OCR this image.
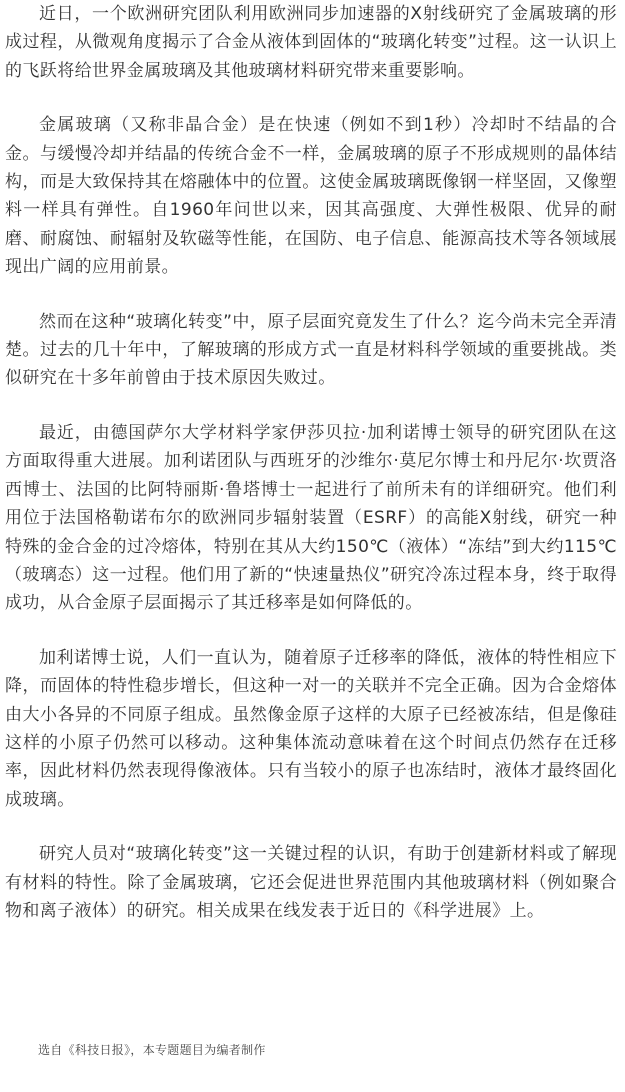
近日，一个欧洲研究团队利用欧洲同步加速器的X射线研究了金属玻璃的形成过程，从微观角度揭示了合金从液体到固体的“玻璃化转变”过程。这一认识上的飞跃将给世界金属玻璃及其他玻璃材料研究带来重要影响。

金属玻璃（又称非晶合金）是在快速（例如不到1秒）冷却时不结晶的合金。与缓慢冷却并结晶的传统合金不一样，金属玻璃的原子不形成规则的晶体结构，而是大致保持其在熔融体中的位置。这使金属玻璃既像钢一样坚固，又像塑料一样具有弹性。自1960年问世以来，因其高强度、大弹性极限、优异的耐磨、耐腐蚀、耐辐射及软磁等性能，在国防、电子信息、能源高技术等各领域展现出广阔的应用前景。

然而在这种“玻璃化转变”中，原子层面究竟发生了什么？迄今尚未完全弄清楚。过去的几十年中，了解玻璃的形成方式一直是材料科学领域的重要挑战。类似研究在十多年前曾由于技术原因失败过。

最近，由德国萨尔大学材料学家伊莎贝拉·加利诺博士领导的研究团队在这方面取得重大进展。加利诺团队与西班牙的沙维尔·莫尼尔博士和丹尼尔·坎贾洛西博士、法国的比阿特丽斯·鲁塔博士一起进行了前所未有的详细研究。他们利用位于法国格勒诺布尔的欧洲同步辐射装置（ESRF）的高能X射线，研究一种特殊的金合金的过冷熔体，特别在其从大约150℃（液体）“冻结”到大约115℃（玻璃态）这一过程。他们用了新的“快速量热仪”研究冷冻过程本身，终于取得成功，从合金原子层面揭示了其迁移率是如何降低的。

加利诺博士说，人们一直认为，随着原子迁移率的降低，液体的特性相应下降，而固体的特性稳步增长，但这种一对一的关联并不完全正确。因为合金熔体由大小各异的不同原子组成。虽然像金原子这样的大原子已经被冻结，但是像硅这样的小原子仍然可以移动。这种集体流动意味着在这个时间点仍然存在迁移率，因此材料仍然表现得像液体。只有当较小的原子也冻结时，液体才最终固化成玻璃。

研究人员对“玻璃化转变”这一关键过程的认识，有助于创建新材料或了解现有材料的特性。除了金属玻璃，它还会促进世界范围内其他玻璃材料（例如聚合物和离子液体）的研究。相关成果在线发表于近日的《科学进展》上。

选自《科技日报》，本专题题目为编者制作
